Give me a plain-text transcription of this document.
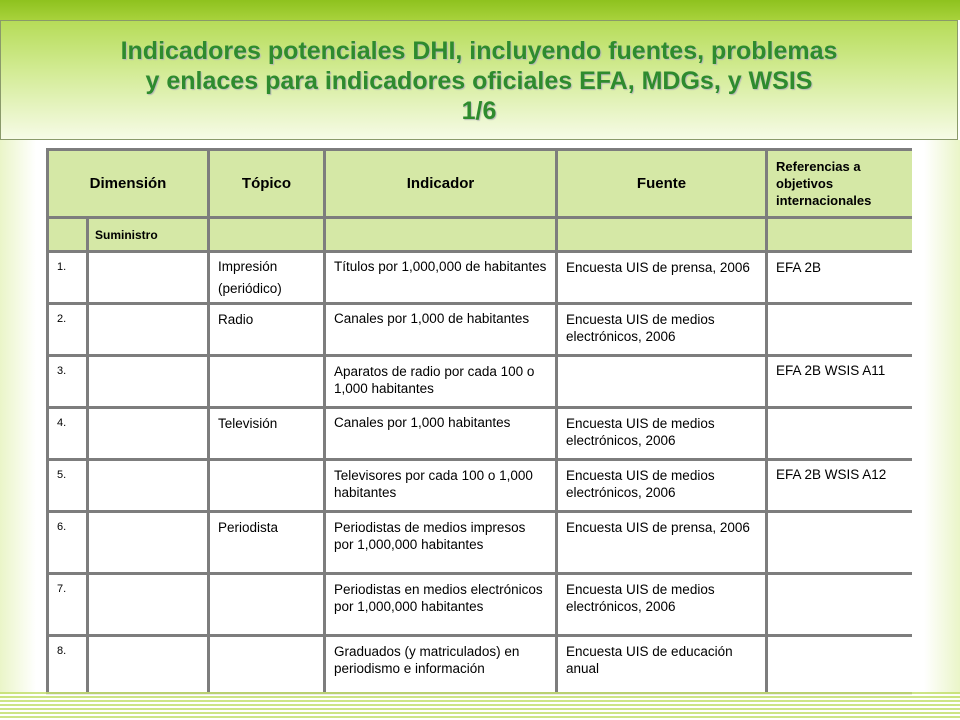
Indicadores potenciales DHI, incluyendo fuentes, problemas
y enlaces para indicadores oficiales EFA, MDGs, y WSIS
1/6
Dimensión		Tópico	Indicador	Fuente	Referencias a objetivos internacionales
	Suministro				

1.		Impresión (periódico)	Títulos por 1,000,000 de habitantes	Encuesta UIS de prensa, 2006	EFA 2B

2.		Radio	Canales por 1,000 de habitantes	Encuesta UIS de medios electrónicos, 2006	

3.			Aparatos de radio por cada 100 o 1,000 habitantes		EFA 2B WSIS A11

4.		Televisión	Canales por 1,000 habitantes	Encuesta UIS de medios electrónicos, 2006	

5.			Televisores por cada 100 o 1,000 habitantes	Encuesta UIS de medios electrónicos, 2006	EFA 2B WSIS A12

6.		Periodista	Periodistas de medios impresos por 1,000,000 habitantes	Encuesta UIS de prensa, 2006	

7.			Periodistas en medios electrónicos por 1,000,000 habitantes	Encuesta UIS de medios electrónicos, 2006	

8.			Graduados (y matriculados) en periodismo e información	Encuesta UIS de educación anual	
